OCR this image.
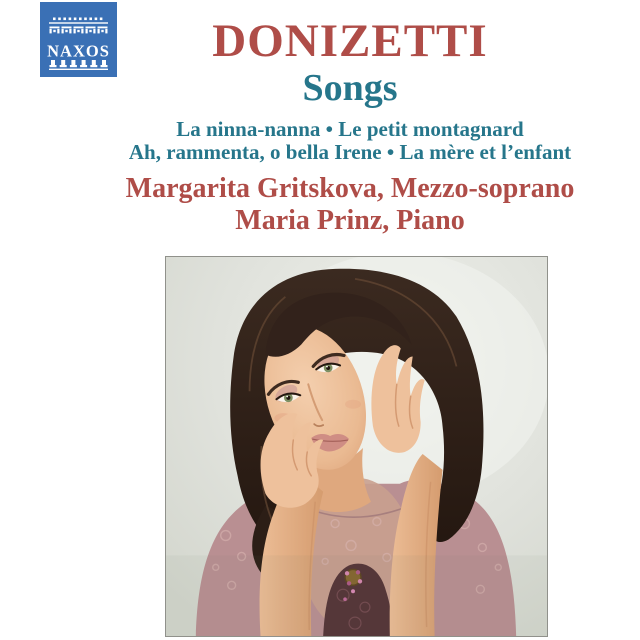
NAXOS	DONIZETTI
Songs
La ninna-nanna • Le petit montagnard
Ah, rammenta, o bella Irene • La mère et l’enfant
Margarita Gritskova, Mezzo-soprano
Maria Prinz, Piano
